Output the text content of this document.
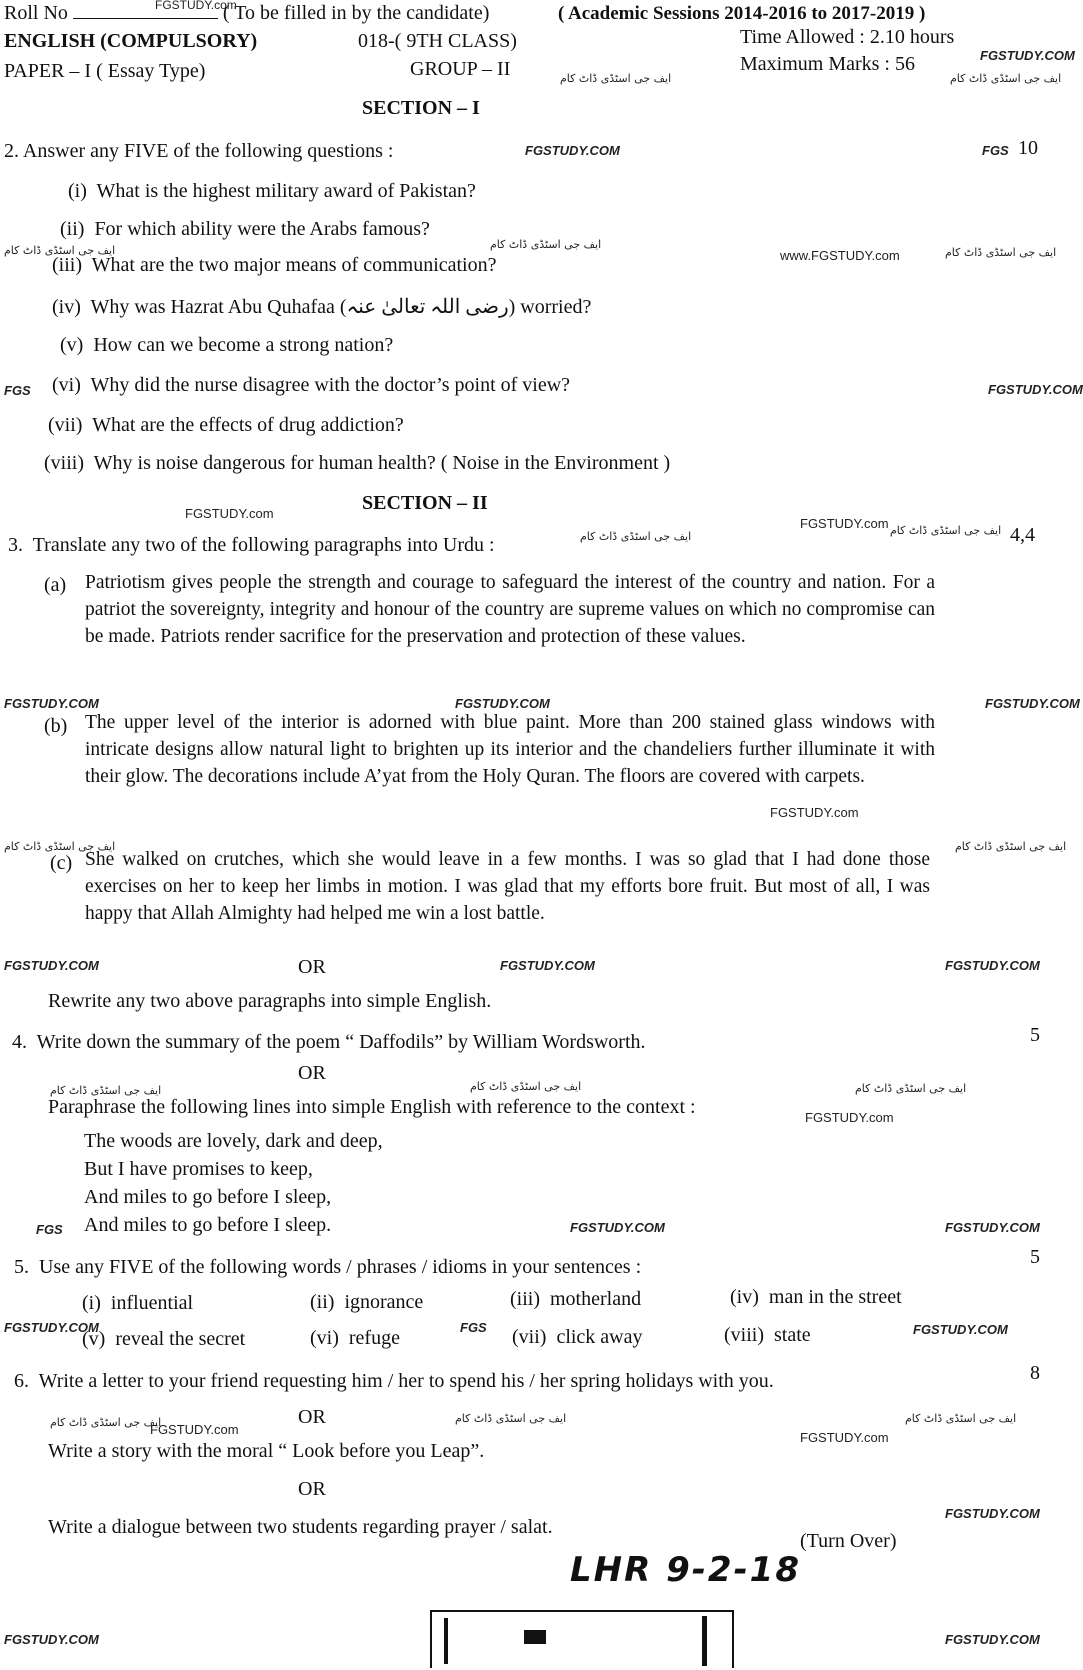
Roll No	( To be filled in by the candidate)	( Academic Sessions 2014-2016 to 2017-2019 )
FGSTUDY.com
ENGLISH (COMPULSORY)	018-( 9TH CLASS)	Time Allowed : 2.10 hours
FGSTUDY.COM
PAPER – I ( Essay Type)	GROUP – II	Maximum Marks : 56
ایف جی اسٹڈی ڈاٹ کام	ایف جی اسٹڈی ڈاٹ کام
SECTION – I
2. Answer any FIVE of the following questions :	FGSTUDY.COM	FGS 10
(i) What is the highest military award of Pakistan?
(ii) For which ability were the Arabs famous?
ایف جی اسٹڈی ڈاٹ کام	ایف جی اسٹڈی ڈاٹ کام
(iii) What are the two major means of communication?	www.FGSTUDY.com	ایف جی اسٹڈی ڈاٹ کام
(iv) Why was Hazrat Abu Quhafaa (رضی اللہ تعالیٰ عنہ) worried?
(v) How can we become a strong nation?
FGS (vi) Why did the nurse disagree with the doctor’s point of view?	FGSTUDY.COM
(vii) What are the effects of drug addiction?
(viii) Why is noise dangerous for human health? ( Noise in the Environment )
SECTION – II
FGSTUDY.com
FGSTUDY.com ایف جی اسٹڈی ڈاٹ کام 4,4
3. Translate any two of the following paragraphs into Urdu :	ایف جی اسٹڈی ڈاٹ کام
(a) Patriotism gives people the strength and courage to safeguard the interest of the country and nation. For a patriot the sovereignty, integrity and honour of the country are supreme values on which no compromise can be made. Patriots render sacrifice for the preservation and protection of these values.
FGSTUDY.COM	FGSTUDY.COM	FGSTUDY.COM
(b) The upper level of the interior is adorned with blue paint. More than 200 stained glass windows with intricate designs allow natural light to brighten up its interior and the chandeliers further illuminate it with their glow. The decorations include A’yat from the Holy Quran. The floors are covered with carpets.
FGSTUDY.com
ایف جی اسٹڈی ڈاٹ کام	ایف جی اسٹڈی ڈاٹ کام
(c) She walked on crutches, which she would leave in a few months. I was so glad that I had done those exercises on her to keep her limbs in motion. I was glad that my efforts bore fruit. But most of all, I was happy that Allah Almighty had helped me win a lost battle.
FGSTUDY.COM	OR	FGSTUDY.COM	FGSTUDY.COM
Rewrite any two above paragraphs into simple English.
4. Write down the summary of the poem “ Daffodils” by William Wordsworth.	5
OR
ایف جی اسٹڈی ڈاٹ کام	ایف جی اسٹڈی ڈاٹ کام	ایف جی اسٹڈی ڈاٹ کام
Paraphrase the following lines into simple English with reference to the context :	FGSTUDY.com
The woods are lovely, dark and deep,
But I have promises to keep,
And miles to go before I sleep,
FGS And miles to go before I sleep.	FGSTUDY.COM	FGSTUDY.COM
5. Use any FIVE of the following words / phrases / idioms in your sentences :	5
(i) influential	(ii) ignorance	(iii) motherland	(iv) man in the street
FGSTUDY.COM
(v) reveal the secret	(vi) refuge	FGS (vii) click away	(viii) state	FGSTUDY.COM
6. Write a letter to your friend requesting him / her to spend his / her spring holidays with you.	8
ایف جی اسٹڈی ڈاٹ کام
FGSTUDY.com
OR	ایف جی اسٹڈی ڈاٹ کام	ایف جی اسٹڈی ڈاٹ کام
Write a story with the moral “ Look before you Leap”.
FGSTUDY.com
OR
Write a dialogue between two students regarding prayer / salat.
FGSTUDY.COM
(Turn Over)
LHR 9-2-18
FGSTUDY.COM	FGSTUDY.COM
